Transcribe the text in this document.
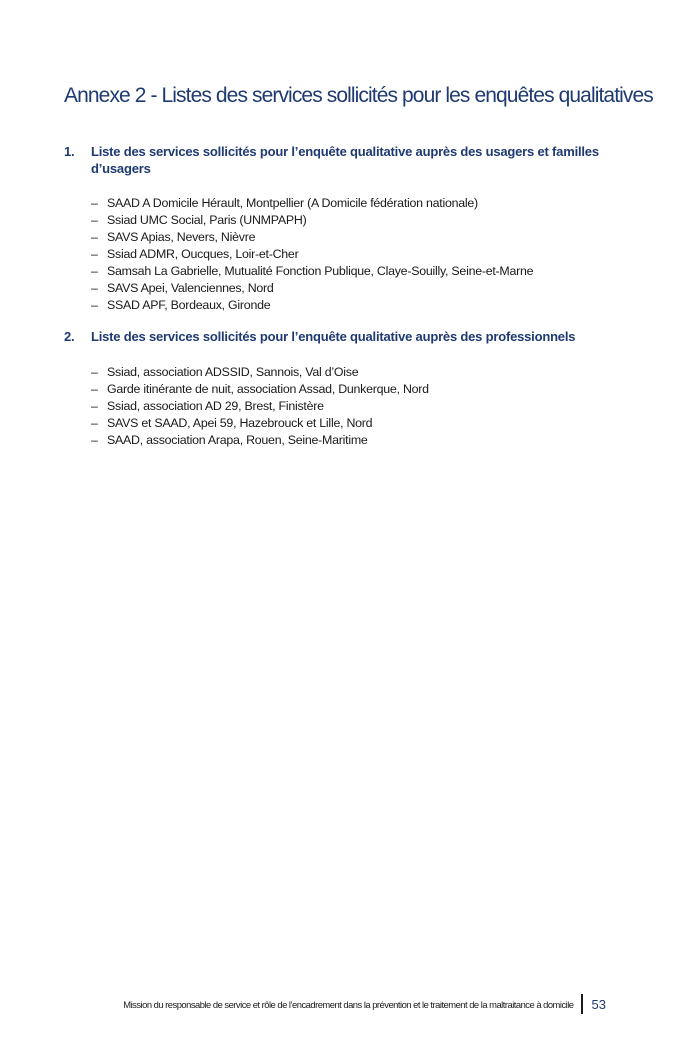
Annexe 2 - Listes des services sollicités pour les enquêtes qualitatives
1.	Liste des services sollicités pour l’enquête qualitative auprès des usagers et familles d’usagers
– SAAD A Domicile Hérault, Montpellier (A Domicile fédération nationale)
– Ssiad UMC Social, Paris (UNMPAPH)
– SAVS Apias, Nevers, Nièvre
– Ssiad ADMR, Oucques, Loir-et-Cher
– Samsah La Gabrielle, Mutualité Fonction Publique, Claye-Souilly, Seine-et-Marne
– SAVS Apei, Valenciennes, Nord
– SSAD APF, Bordeaux, Gironde
2.	Liste des services sollicités pour l’enquête qualitative auprès des professionnels
– Ssiad, association ADSSID, Sannois, Val d’Oise
– Garde itinérante de nuit, association Assad, Dunkerque, Nord
– Ssiad, association AD 29, Brest, Finistère
– SAVS et SAAD, Apei 59, Hazebrouck et Lille, Nord
– SAAD, association Arapa, Rouen, Seine-Maritime
Mission du responsable de service et rôle de l’encadrement dans la prévention et le traitement de la maltraitance à domicile 53
